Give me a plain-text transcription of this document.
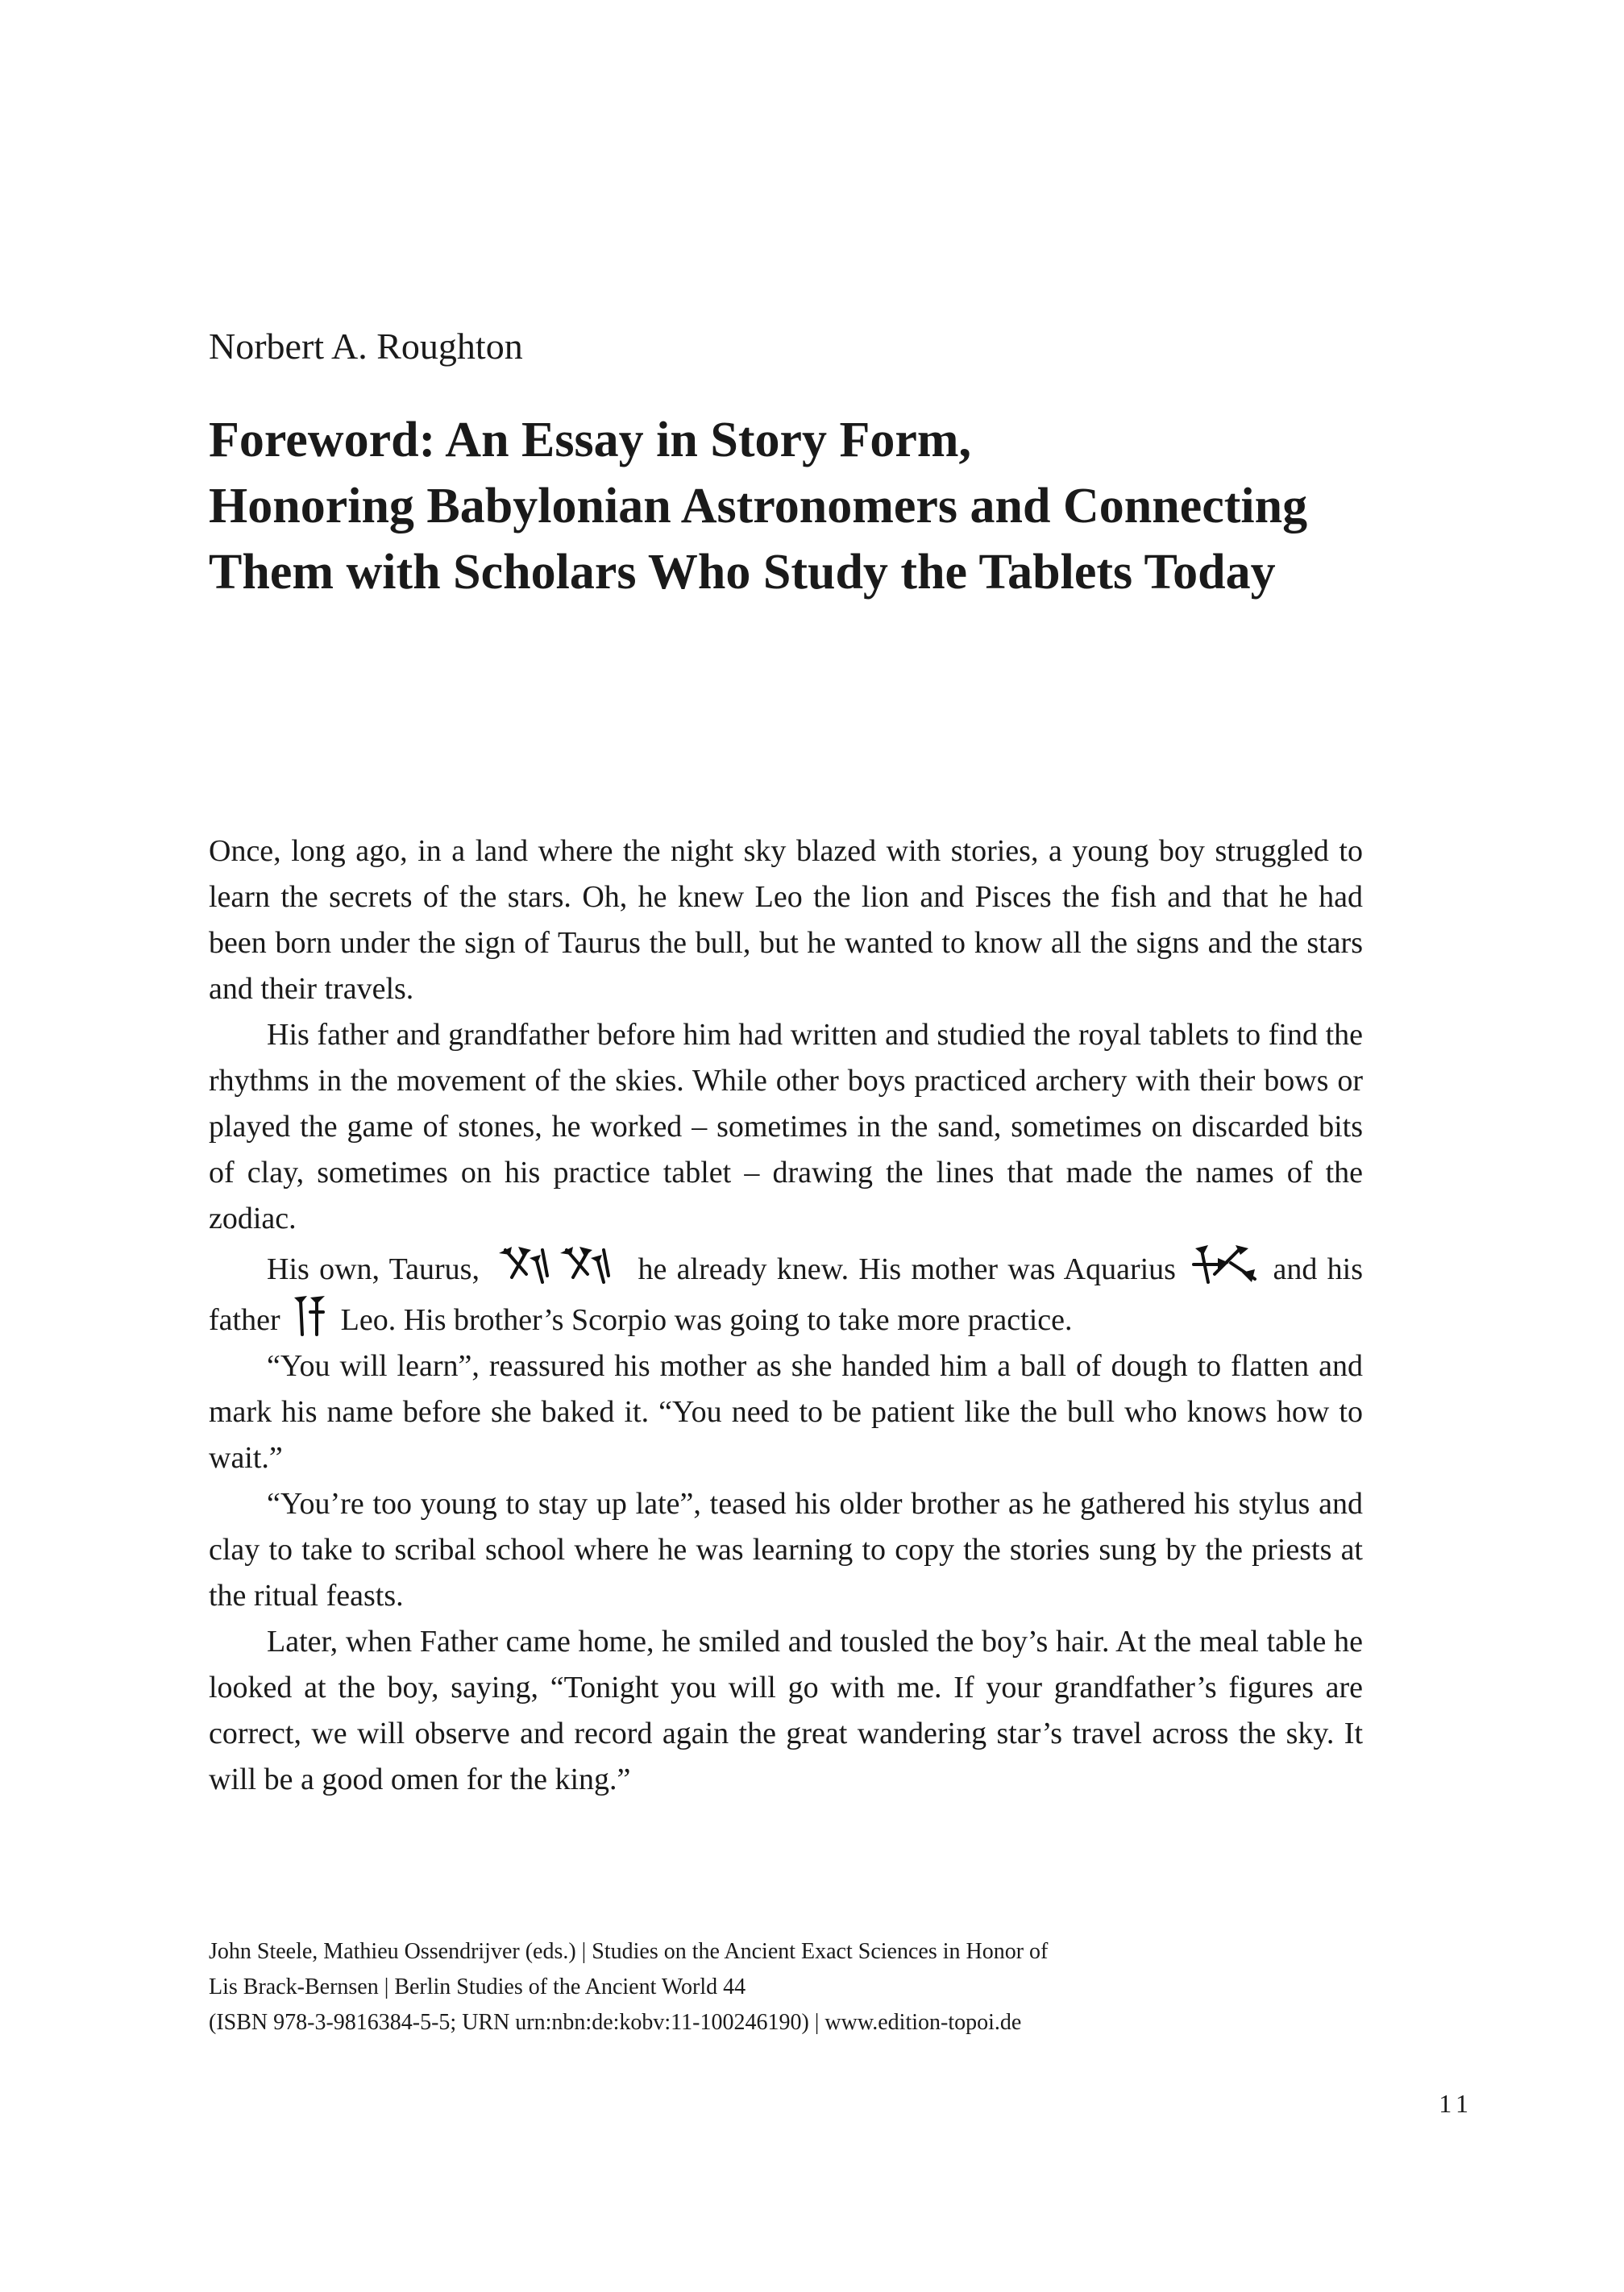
Norbert A. Roughton
Foreword: An Essay in Story Form,
Honoring Babylonian Astronomers and Connecting
Them with Scholars Who Study the Tablets Today

Once, long ago, in a land where the night sky blazed with stories, a young boy struggled to learn the secrets of the stars. Oh, he knew Leo the lion and Pisces the fish and that he had been born under the sign of Taurus the bull, but he wanted to know all the signs and the stars and their travels.

His father and grandfather before him had written and studied the royal tablets to find the rhythms in the movement of the skies. While other boys practiced archery with their bows or played the game of stones, he worked – sometimes in the sand, sometimes on discarded bits of clay, sometimes on his practice tablet – drawing the lines that made the names of the zodiac.

His own, Taurus,	he already knew. His mother was Aquarius	and his father Leo. His brother’s Scorpio was going to take more practice.

“You will learn”, reassured his mother as she handed him a ball of dough to flatten and mark his name before she baked it. “You need to be patient like the bull who knows how to wait.”

“You’re too young to stay up late”, teased his older brother as he gathered his stylus and clay to take to scribal school where he was learning to copy the stories sung by the priests at the ritual feasts.

Later, when Father came home, he smiled and tousled the boy’s hair. At the meal table he looked at the boy, saying, “Tonight you will go with me. If your grandfather’s figures are correct, we will observe and record again the great wandering star’s travel across the sky. It will be a good omen for the king.”

John Steele, Mathieu Ossendrijver (eds.) | Studies on the Ancient Exact Sciences in Honor of
Lis Brack-Bernsen | Berlin Studies of the Ancient World 44
(ISBN 978-3-9816384-5-5; URN urn:nbn:de:kobv:11-100246190) | www.edition-topoi.de
11
